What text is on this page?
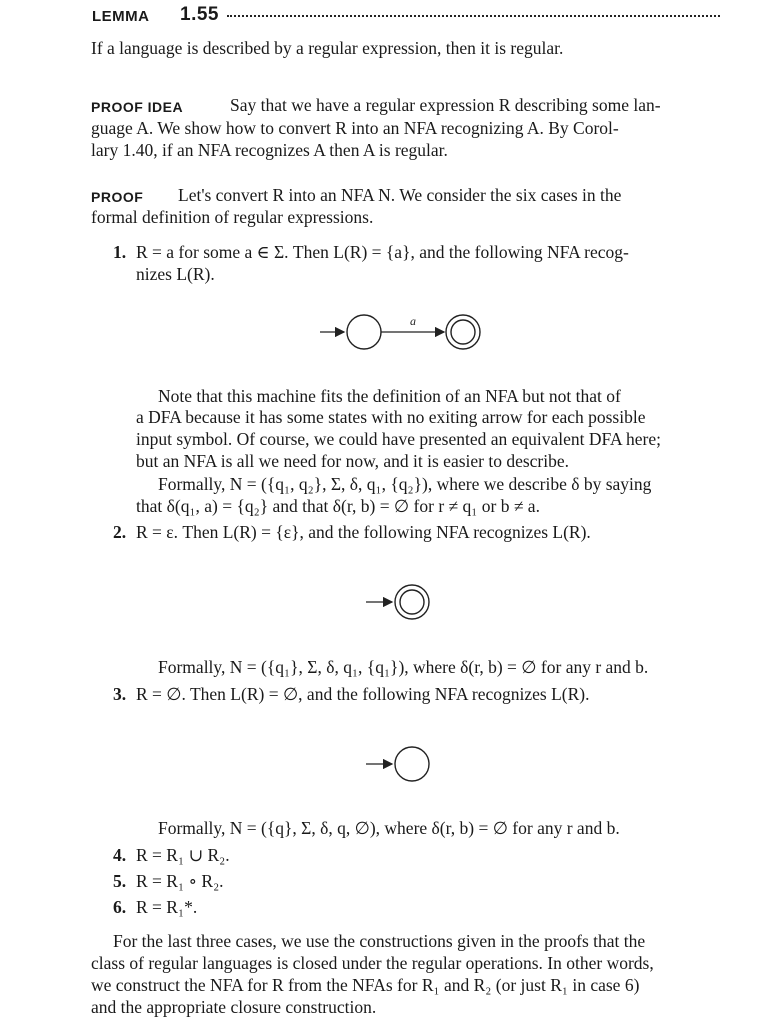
LEMMA 1.55
If a language is described by a regular expression, then it is regular.
PROOF IDEA	Say that we have a regular expression R describing some lan-
guage A. We show how to convert R into an NFA recognizing A. By Corol-
lary 1.40, if an NFA recognizes A then A is regular.
PROOF Let's convert R into an NFA N. We consider the six cases in the
formal definition of regular expressions.
1. R = a for some a ∈ Σ. Then L(R) = {a}, and the following NFA recog-
nizes L(R).
a
Note that this machine fits the definition of an NFA but not that of
a DFA because it has some states with no exiting arrow for each possible
input symbol. Of course, we could have presented an equivalent DFA here;
but an NFA is all we need for now, and it is easier to describe.
Formally, N = ({q₁, q₂}, Σ, δ, q₁, {q₂}), where we describe δ by saying
that δ(q₁, a) = {q₂} and that δ(r, b) = ∅ for r ≠ q₁ or b ≠ a.
2. R = ε. Then L(R) = {ε}, and the following NFA recognizes L(R).
Formally, N = ({q₁}, Σ, δ, q₁, {q₁}), where δ(r, b) = ∅ for any r and b.
3. R = ∅. Then L(R) = ∅, and the following NFA recognizes L(R).
Formally, N = ({q}, Σ, δ, q, ∅), where δ(r, b) = ∅ for any r and b.
4. R = R₁ ∪ R₂.
5. R = R₁ ∘ R₂.
6. R = R₁*.
For the last three cases, we use the constructions given in the proofs that the
class of regular languages is closed under the regular operations. In other words,
we construct the NFA for R from the NFAs for R₁ and R₂ (or just R₁ in case 6)
and the appropriate closure construction.
